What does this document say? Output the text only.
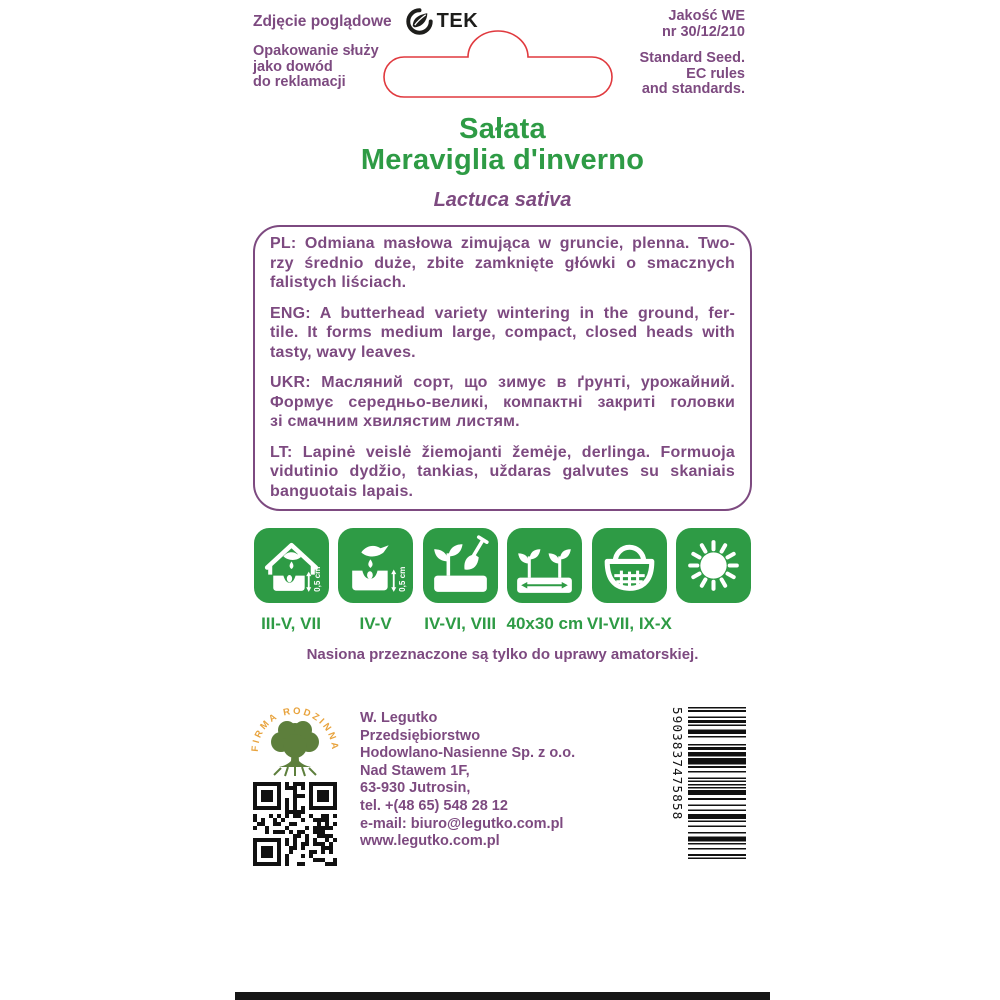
Zdjęcie poglądowe TEK
Opakowanie służy
jako dowód
do reklamacji
Jakość WE
nr 30/12/210
Standard Seed.
EC rules
and standards.
Sałata
Meraviglia d'inverno
Lactuca sativa
PL: Odmiana masłowa zimująca w gruncie, plenna. Two-
rzy średnio duże, zbite zamknięte główki o smacznych
falistych liściach.
ENG: A butterhead variety wintering in the ground, fer-
tile. It forms medium large, compact, closed heads with
tasty, wavy leaves.
UKR: Масляний сорт, що зимує в ґрунті, урожайний.
Формує середньо-великі, компактні закриті головки
зі смачним хвилястим листям.
LT: Lapinė veislė žiemojanti žemėje, derlinga. Formuoja
vidutinio dydžio, tankias, uždaras galvutes su skaniais
banguotais lapais.
0,5 cm
III-V, VII
0,5 cm
IV-V IV-VI, VIII 40x30 cm VI-VII, IX-X
Nasiona przeznaczone są tylko do uprawy amatorskiej.
FIRMA RODZINNA
W. Legutko
Przedsiębiorstwo
Hodowlano-Nasienne Sp. z o.o.
Nad Stawem 1F,
63-930 Jutrosin,
tel. +(48 65) 548 28 12
e-mail: biuro@legutko.com.pl
www.legutko.com.pl
5903837475858
